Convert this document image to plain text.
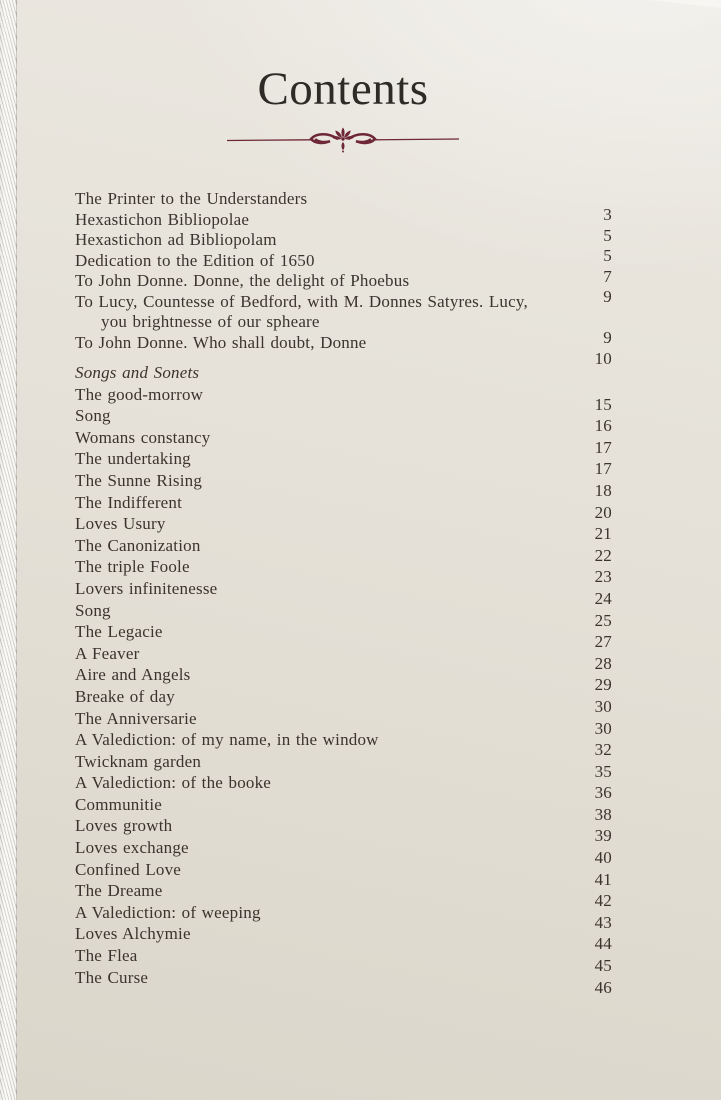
Contents
The Printer to the Understanders
3
Hexastichon Bibliopolae
5
Hexastichon ad Bibliopolam
5
Dedication to the Edition of 1650
7
To John Donne. Donne, the delight of Phoebus
9
To Lucy, Countesse of Bedford, with M. Donnes Satyres. Lucy,
you brightnesse of our spheare
9
To John Donne. Who shall doubt, Donne
10
Songs and Sonets
The good-morrow
15
Song
16
Womans constancy
17
The undertaking
17
The Sunne Rising
18
The Indifferent
20
Loves Usury
21
The Canonization
22
The triple Foole
23
Lovers infinitenesse
24
Song
25
The Legacie
27
A Feaver
28
Aire and Angels
29
Breake of day
30
The Anniversarie
30
A Valediction: of my name, in the window
32
Twicknam garden
35
A Valediction: of the booke
36
Communitie
38
Loves growth
39
Loves exchange
40
Confined Love
41
The Dreame
42
A Valediction: of weeping
43
Loves Alchymie
44
The Flea
45
The Curse
46
